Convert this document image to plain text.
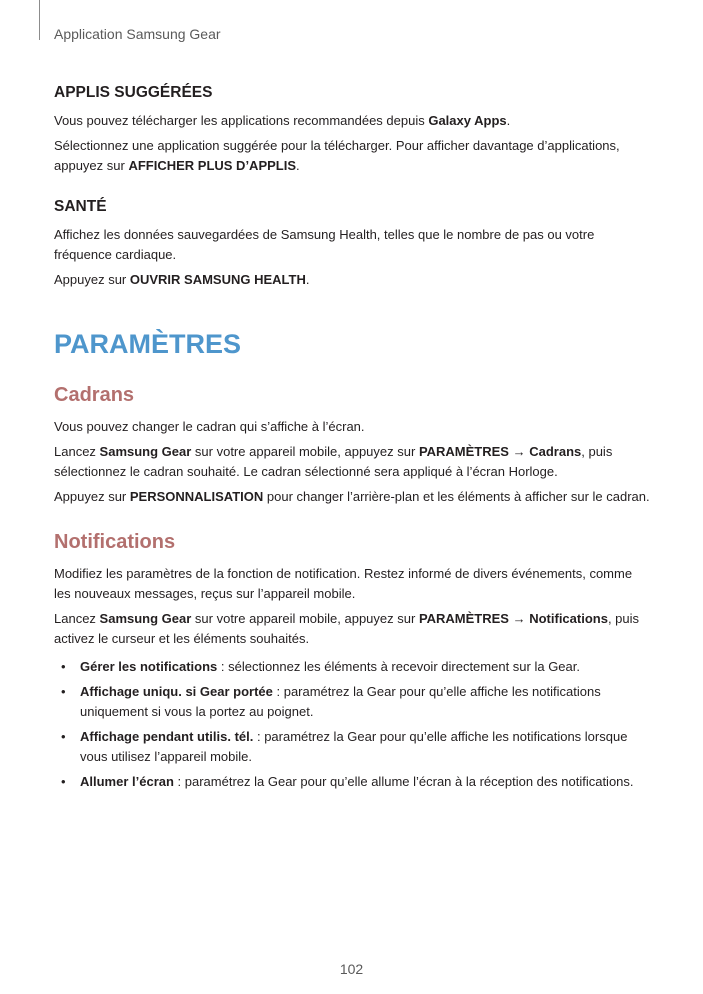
Application Samsung Gear
APPLIS SUGGÉRÉES

Vous pouvez télécharger les applications recommandées depuis Galaxy Apps.

Sélectionnez une application suggérée pour la télécharger. Pour afficher davantage d’applications, appuyez sur AFFICHER PLUS D’APPLIS.

SANTÉ

Affichez les données sauvegardées de Samsung Health, telles que le nombre de pas ou votre fréquence cardiaque.

Appuyez sur OUVRIR SAMSUNG HEALTH.

PARAMÈTRES
Cadrans

Vous pouvez changer le cadran qui s’affiche à l’écran.

Lancez Samsung Gear sur votre appareil mobile, appuyez sur PARAMÈTRES → Cadrans, puis sélectionnez le cadran souhaité. Le cadran sélectionné sera appliqué à l’écran Horloge.

Appuyez sur PERSONNALISATION pour changer l’arrière-plan et les éléments à afficher sur le cadran.

Notifications

Modifiez les paramètres de la fonction de notification. Restez informé de divers événements, comme les nouveaux messages, reçus sur l’appareil mobile.

Lancez Samsung Gear sur votre appareil mobile, appuyez sur PARAMÈTRES → Notifications, puis activez le curseur et les éléments souhaités.

• Gérer les notifications : sélectionnez les éléments à recevoir directement sur la Gear.
• Affichage uniqu. si Gear portée : paramétrez la Gear pour qu’elle affiche les notifications uniquement si vous la portez au poignet.
• Affichage pendant utilis. tél. : paramétrez la Gear pour qu’elle affiche les notifications lorsque vous utilisez l’appareil mobile.
• Allumer l’écran : paramétrez la Gear pour qu’elle allume l’écran à la réception des notifications.
102
